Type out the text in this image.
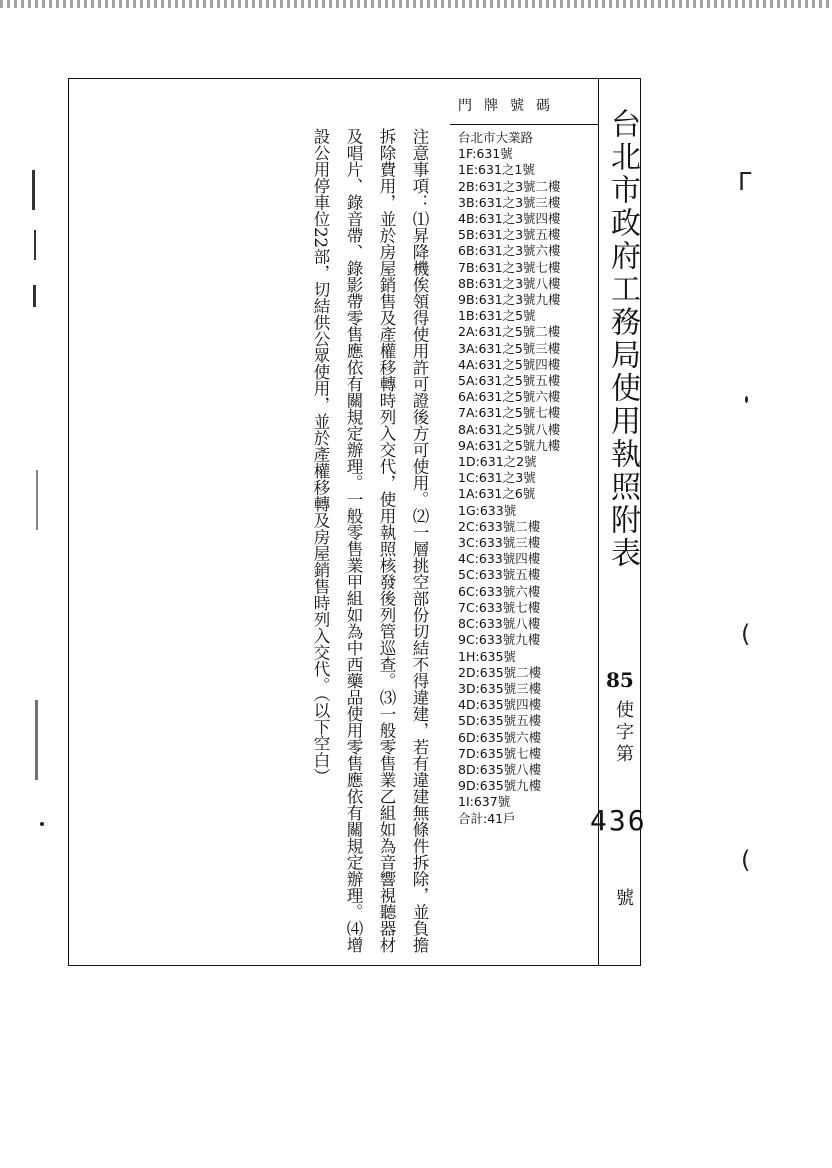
台北市政府工務局使用執照附表
門牌號碼
台北市大業路
1F:631號
1E:631之1號
2B:631之3號二樓
3B:631之3號三樓
4B:631之3號四樓
5B:631之3號五樓
6B:631之3號六樓
7B:631之3號七樓
8B:631之3號八樓
9B:631之3號九樓
1B:631之5號
2A:631之5號二樓
3A:631之5號三樓
4A:631之5號四樓
5A:631之5號五樓
6A:631之5號六樓
7A:631之5號七樓
8A:631之5號八樓
9A:631之5號九樓
1D:631之2號
1C:631之3號
1A:631之6號
1G:633號
2C:633號二樓
3C:633號三樓
4C:633號四樓
5C:633號五樓
6C:633號六樓
7C:633號七樓
8C:633號八樓
9C:633號九樓
1H:635號
2D:635號二樓
3D:635號三樓
4D:635號四樓
5D:635號五樓
6D:635號六樓
7D:635號七樓
8D:635號八樓
9D:635號九樓
1I:637號
合計:41戶
注意事項：⑴昇降機俟領得使用許可證後方可使用。⑵一層挑空部份切結不得違建，若有違建無條件拆除，並負擔拆除費用，並於房屋銷售及產權移轉時列入交代，使用執照核發後列管巡查。⑶一般零售業乙組如為音響視聽器材及唱片、錄音帶、錄影帶零售應依有關規定辦理。一般零售業甲組如為中西藥品使用零售應依有關規定辦理。⑷增設公用停車位22部，切結供公眾使用，並於產權移轉及房屋銷售時列入交代。（以下空白）	85
使字第
436
號
ᒥ
(
(
